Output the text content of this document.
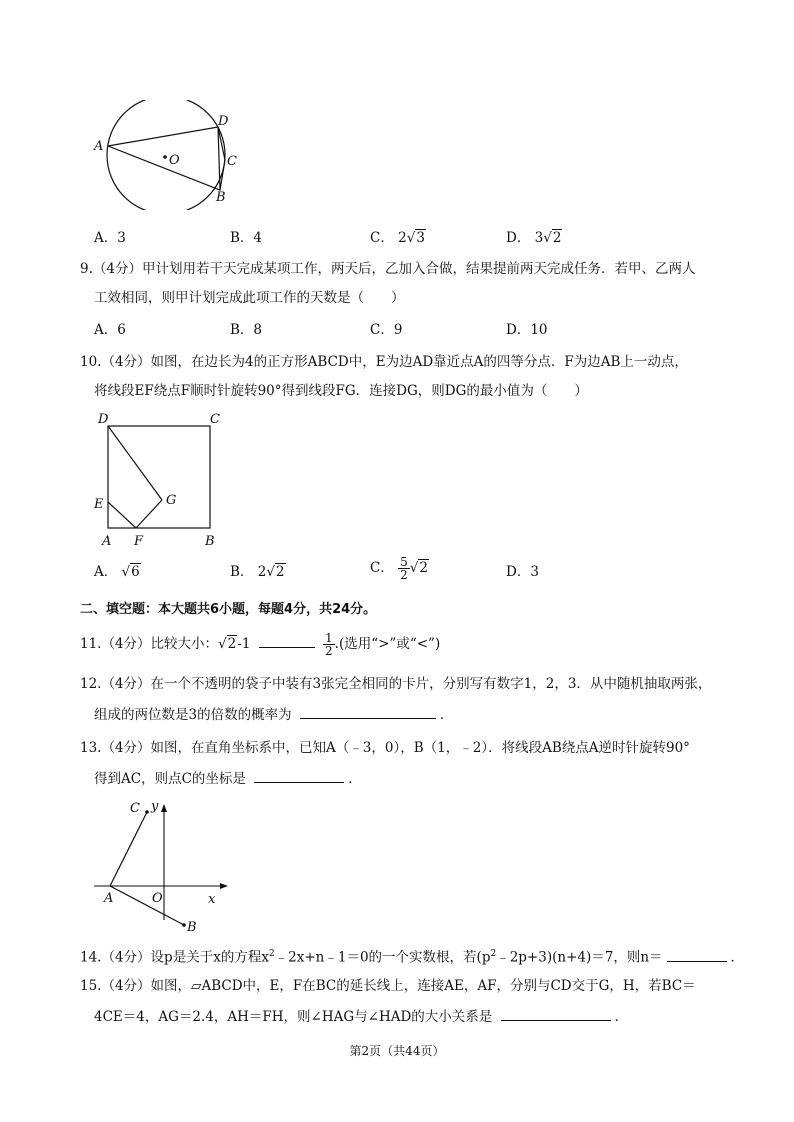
A
D
C
B
O
A．3	B．4	C． 2√3	D． 3√2
9.（4分）甲计划用若干天完成某项工作，两天后，乙加入合做，结果提前两天完成任务．若甲、乙两人
工效相同，则甲计划完成此项工作的天数是（　　）
A．6	B．8	C．9	D．10
10.（4分）如图，在边长为4的正方形ABCD中，E为边AD靠近点A的四等分点．F为边AB上一动点，
将线段EF绕点F顺时针旋转90°得到线段FG．连接DG，则DG的最小值为（　　）
D	C
E	G
A F	B
A． √6	B． 2√2	C． $\frac{5}{2} √2$	D．3
二、填空题：本大题共6小题，每题4分，共24分。
11.（4分）比较大小：√2-1	$\frac{1}{2}$ .(选用“>”或“<”)
12.（4分）在一个不透明的袋子中装有3张完全相同的卡片，分别写有数字1，2，3．从中随机抽取两张，
组成的两位数是3的倍数的概率为	．
13.（4分）如图，在直角坐标系中，已知A（﹣3，0），B（1，﹣2）．将线段AB绕点A逆时针旋转90°
得到AC，则点C的坐标是	．
C y
A	O	x
B
14.（4分）设p是关于x的方程$x^2﹣2x+n﹣1=0$的一个实数根，若$(p^2﹣2p+3)(n+4)=7$，则n＝	．
15.（4分）如图，▱ABCD中，E，F在BC的延长线上，连接AE，AF，分别与CD交于G，H，若BC＝
4CE＝4，AG＝2.4，AH＝FH，则∠HAG与∠HAD的大小关系是	．
第2页（共44页）
